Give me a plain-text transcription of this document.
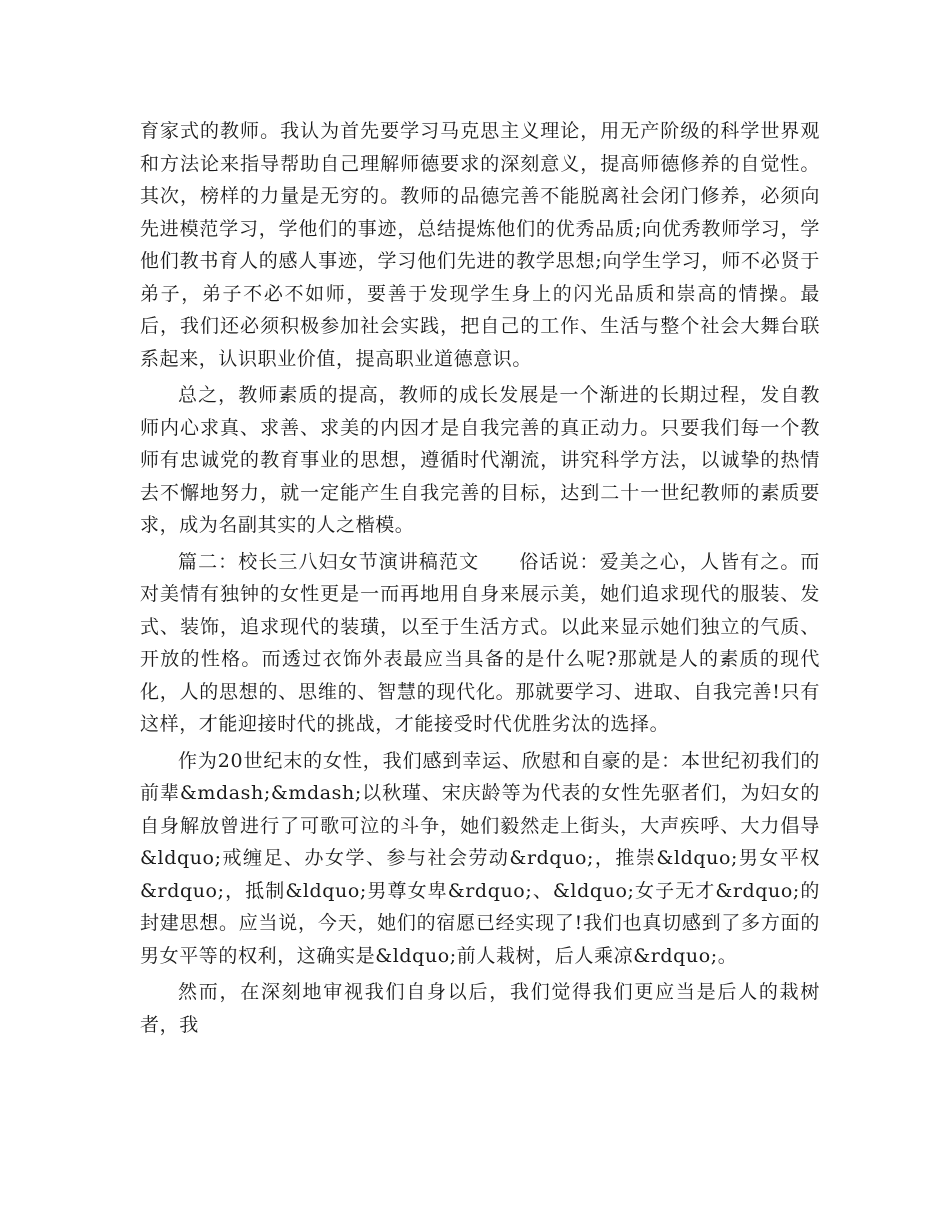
育家式的教师。我认为首先要学习马克思主义理论，用无产阶级的科学世界观和方法论来指导帮助自己理解师德要求的深刻意义，提高师德修养的自觉性。其次，榜样的力量是无穷的。教师的品德完善不能脱离社会闭门修养，必须向先进模范学习，学他们的事迹，总结提炼他们的优秀品质;向优秀教师学习，学他们教书育人的感人事迹，学习他们先进的教学思想;向学生学习，师不必贤于弟子，弟子不必不如师，要善于发现学生身上的闪光品质和崇高的情操。最后，我们还必须积极参加社会实践，把自己的工作、生活与整个社会大舞台联系起来，认识职业价值，提高职业道德意识。

总之，教师素质的提高，教师的成长发展是一个渐进的长期过程，发自教师内心求真、求善、求美的内因才是自我完善的真正动力。只要我们每一个教师有忠诚党的教育事业的思想，遵循时代潮流，讲究科学方法，以诚挚的热情去不懈地努力，就一定能产生自我完善的目标，达到二十一世纪教师的素质要求，成为名副其实的人之楷模。

篇二：校长三八妇女节演讲稿范文　　俗话说：爱美之心，人皆有之。而对美情有独钟的女性更是一而再地用自身来展示美，她们追求现代的服装、发式、装饰，追求现代的装璜，以至于生活方式。以此来显示她们独立的气质、开放的性格。而透过衣饰外表最应当具备的是什么呢?那就是人的素质的现代化，人的思想的、思维的、智慧的现代化。那就要学习、进取、自我完善!只有这样，才能迎接时代的挑战，才能接受时代优胜劣汰的选择。

作为20世纪末的女性，我们感到幸运、欣慰和自豪的是：本世纪初我们的前辈&mdash;&mdash;以秋瑾、宋庆龄等为代表的女性先驱者们，为妇女的自身解放曾进行了可歌可泣的斗争，她们毅然走上街头，大声疾呼、大力倡导&ldquo;戒缠足、办女学、参与社会劳动&rdquo;，推崇&ldquo;男女平权&rdquo;，抵制&ldquo;男尊女卑&rdquo;、&ldquo;女子无才&rdquo;的封建思想。应当说，今天，她们的宿愿已经实现了!我们也真切感到了多方面的男女平等的权利，这确实是&ldquo;前人栽树，后人乘凉&rdquo;。

然而，在深刻地审视我们自身以后，我们觉得我们更应当是后人的栽树者，我
